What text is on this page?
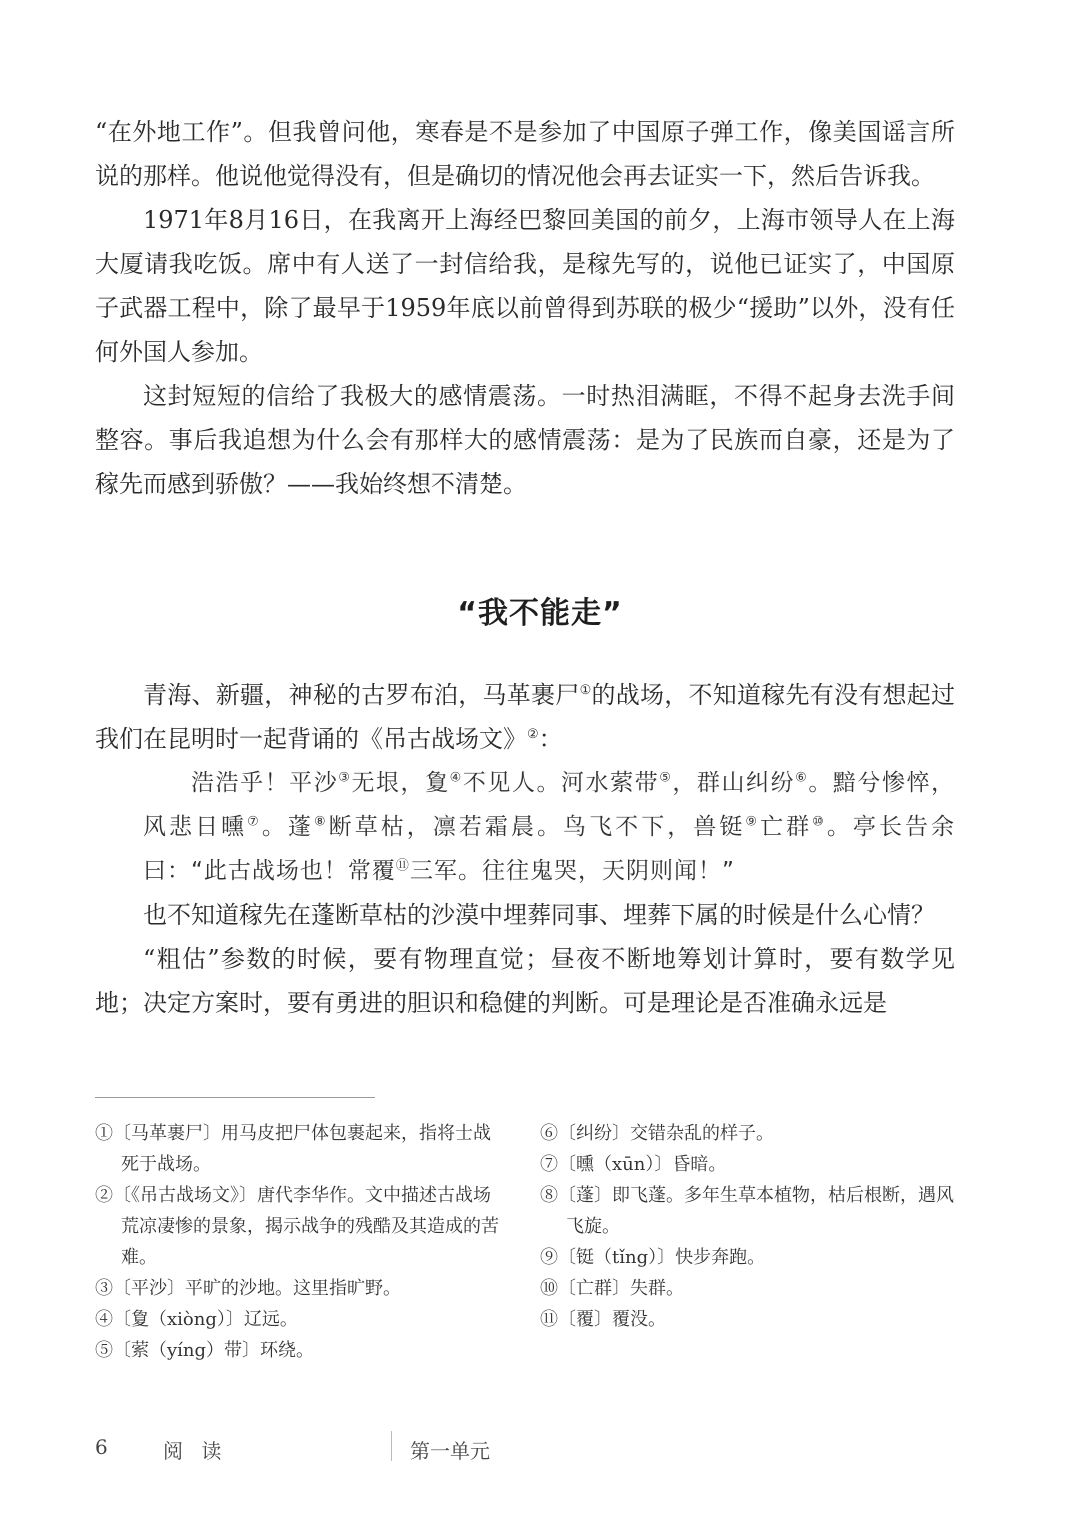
“在外地工作”。但我曾问他，寒春是不是参加了中国原子弹工作，像美国谣言所说的那样。他说他觉得没有，但是确切的情况他会再去证实一下，然后告诉我。

1971年8月16日，在我离开上海经巴黎回美国的前夕，上海市领导人在上海大厦请我吃饭。席中有人送了一封信给我，是稼先写的，说他已证实了，中国原子武器工程中，除了最早于1959年底以前曾得到苏联的极少“援助”以外，没有任何外国人参加。

这封短短的信给了我极大的感情震荡。一时热泪满眶，不得不起身去洗手间整容。事后我追想为什么会有那样大的感情震荡：是为了民族而自豪，还是为了稼先而感到骄傲？——我始终想不清楚。

“我不能走”

青海、新疆，神秘的古罗布泊，马革裹尸①的战场，不知道稼先有没有想起过我们在昆明时一起背诵的《吊古战场文》②：

浩浩乎！平沙③无垠，夐④不见人。河水萦带⑤，群山纠纷⑥。黯兮惨悴，风悲日曛⑦。蓬⑧断草枯，凛若霜晨。鸟飞不下，兽铤⑨亡群⑩。亭长告余曰：“此古战场也！常覆⑪三军。往往鬼哭，天阴则闻！”

也不知道稼先在蓬断草枯的沙漠中埋葬同事、埋葬下属的时候是什么心情？

“粗估”参数的时候，要有物理直觉；昼夜不断地筹划计算时，要有数学见地；决定方案时，要有勇进的胆识和稳健的判断。可是理论是否准确永远是

①〔马革裹尸〕用马皮把尸体包裹起来，指将士战死于战场。
②〔《吊古战场文》〕唐代李华作。文中描述古战场荒凉凄惨的景象，揭示战争的残酷及其造成的苦难。
③〔平沙〕平旷的沙地。这里指旷野。
④〔夐（xiòng）〕辽远。
⑤〔萦（yíng）带〕环绕。
⑥〔纠纷〕交错杂乱的样子。
⑦〔曛（xūn）〕昏暗。
⑧〔蓬〕即飞蓬。多年生草本植物，枯后根断，遇风飞旋。
⑨〔铤（tǐng）〕快步奔跑。
⑩〔亡群〕失群。
⑪〔覆〕覆没。
6	阅 读	第一单元
